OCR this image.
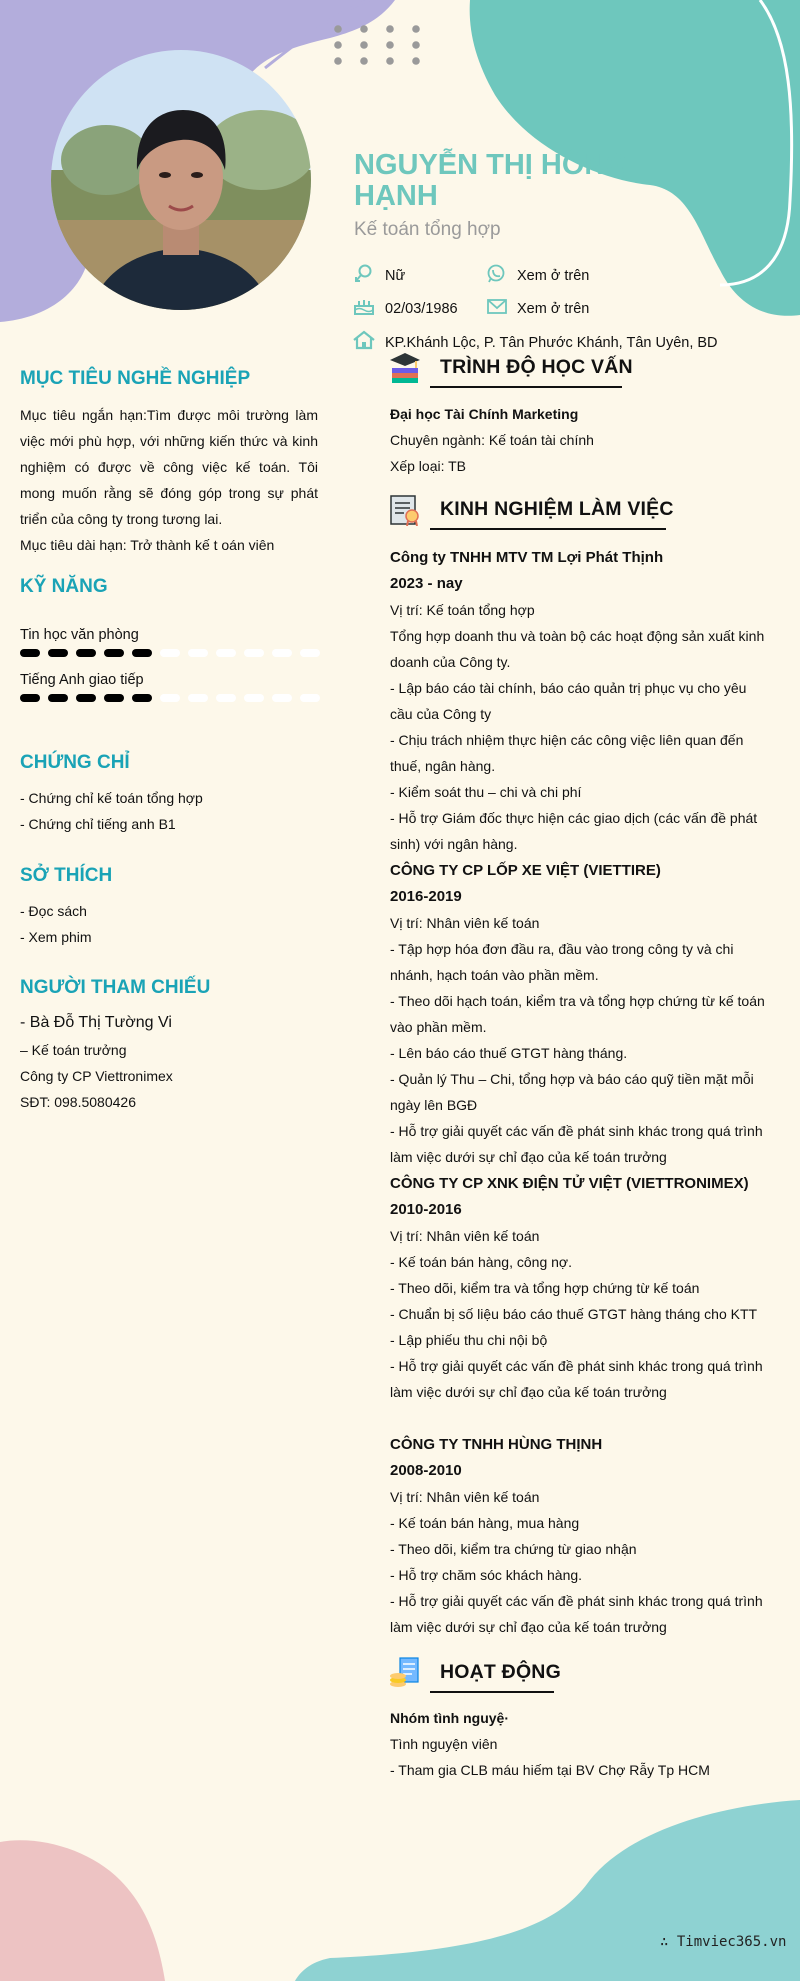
NGUYỄN THỊ HỒNG HẠNH
Kế toán tổng hợp
Nữ	Xem ở trên
02/03/1986	Xem ở trên
KP.Khánh Lộc, P. Tân Phước Khánh, Tân Uyên, BD
MỤC TIÊU NGHỀ NGHIỆP
Mục tiêu ngắn hạn:Tìm được môi trường làm việc mới phù hợp, với những kiến thức và kinh nghiệm có được về công việc kế toán. Tôi mong muốn rằng sẽ đóng góp trong sự phát triển của công ty trong tương lai.
Mục tiêu dài hạn: Trở thành kế t oán viên
KỸ NĂNG
Tin học văn phòng
Tiếng Anh giao tiếp
CHỨNG CHỈ
- Chứng chỉ kế toán tổng hợp
- Chứng chỉ tiếng anh B1
SỞ THÍCH
- Đọc sách
- Xem phim
NGƯỜI THAM CHIẾU
- Bà Đỗ Thị Tường Vi
– Kế toán trưởng
Công ty CP Viettronimex
SĐT: 098.5080426
TRÌNH ĐỘ HỌC VẤN
Đại học Tài Chính Marketing
Chuyên ngành: Kế toán tài chính
Xếp loại: TB
KINH NGHIỆM LÀM VIỆC
Công ty TNHH MTV TM Lợi Phát Thịnh
2023 - nay
Vị trí: Kế toán tổng hợp
Tổng hợp doanh thu và toàn bộ các hoạt động sản xuất kinh doanh của Công ty.
- Lập báo cáo tài chính, báo cáo quản trị phục vụ cho yêu cầu của Công ty
- Chịu trách nhiệm thực hiện các công việc liên quan đến thuế, ngân hàng.
- Kiểm soát thu – chi và chi phí
- Hỗ trợ Giám đốc thực hiện các giao dịch (các vấn đề phát sinh) với ngân hàng.
CÔNG TY CP LỐP XE VIỆT (VIETTIRE)
2016-2019
Vị trí: Nhân viên kế toán
- Tập hợp hóa đơn đầu ra, đầu vào trong công ty và chi nhánh, hạch toán vào phần mềm.
- Theo dõi hạch toán, kiểm tra và tổng hợp chứng từ kế toán vào phần mềm.
- Lên báo cáo thuế GTGT hàng tháng.
- Quản lý Thu – Chi, tổng hợp và báo cáo quỹ tiền mặt mỗi ngày lên BGĐ
- Hỗ trợ giải quyết các vấn đề phát sinh khác trong quá trình làm việc dưới sự chỉ đạo của kế toán trưởng
CÔNG TY CP XNK ĐIỆN TỬ VIỆT (VIETTRONIMEX)
2010-2016
Vị trí: Nhân viên kế toán
- Kế toán bán hàng, công nợ.
- Theo dõi, kiểm tra và tổng hợp chứng từ kế toán
- Chuẩn bị số liệu báo cáo thuế GTGT hàng tháng cho KTT
- Lập phiếu thu chi nội bộ
- Hỗ trợ giải quyết các vấn đề phát sinh khác trong quá trình làm việc dưới sự chỉ đạo của kế toán trưởng
CÔNG TY TNHH HÙNG THỊNH
2008-2010
Vị trí: Nhân viên kế toán
- Kế toán bán hàng, mua hàng
- Theo dõi, kiểm tra chứng từ giao nhận
- Hỗ trợ chăm sóc khách hàng.
- Hỗ trợ giải quyết các vấn đề phát sinh khác trong quá trình làm việc dưới sự chỉ đạo của kế toán trưởng
HOẠT ĐỘNG
Nhóm tình nguyệ·
Tình nguyện viên
- Tham gia CLB máu hiếm tại BV Chợ Rẫy Tp HCM
∴ Timviec365.vn
